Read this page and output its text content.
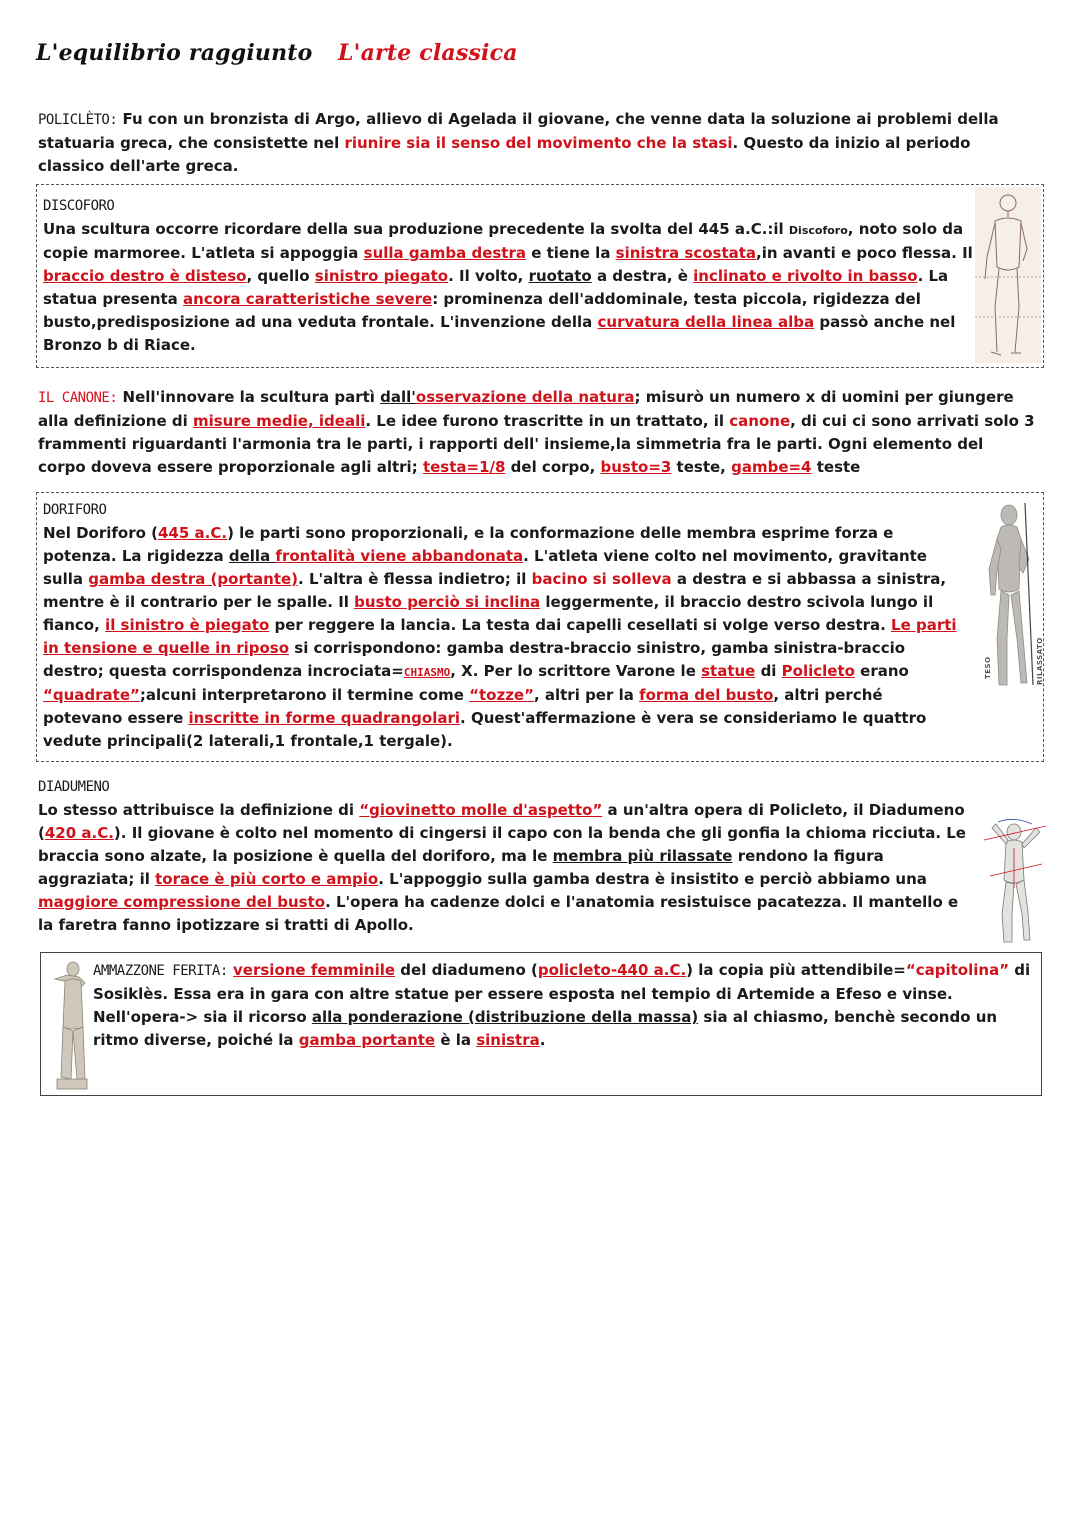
L'equilibrio raggiunto L'arte classica

POLICLÈTO: Fu con un bronzista di Argo, allievo di Agelada il giovane, che venne data la soluzione ai problemi della statuaria greca, che consistette nel riunire sia il senso del movimento che la stasi. Questo da inizio al periodo classico dell'arte greca.

DISCOFORO
Una scultura occorre ricordare della sua produzione precedente la svolta del 445 a.C.:il Discoforo, noto solo da copie marmoree. L'atleta si appoggia sulla gamba destra e tiene la sinistra scostata,in avanti e poco flessa. Il braccio destro è disteso, quello sinistro piegato. Il volto, ruotato a destra, è inclinato e rivolto in basso. La statua presenta ancora caratteristiche severe: prominenza dell'addominale, testa piccola, rigidezza del busto,predisposizione ad una veduta frontale. L'invenzione della curvatura della linea alba passò anche nel Bronzo b di Riace.

IL CANONE: Nell'innovare la scultura partì dall'osservazione della natura; misurò un numero x di uomini per giungere alla definizione di misure medie, ideali. Le idee furono trascritte in un trattato, il canone, di cui ci sono arrivati solo 3 frammenti riguardanti l'armonia tra le parti, i rapporti dell' insieme,la simmetria fra le parti. Ogni elemento del corpo doveva essere proporzionale agli altri; testa=1/8 del corpo, busto=3 teste, gambe=4 teste

DORIFORO
Nel Doriforo (445 a.C.) le parti sono proporzionali, e la conformazione delle membra esprime forza e potenza. La rigidezza della frontalità viene abbandonata. L'atleta viene colto nel movimento, gravitante sulla gamba destra (portante). L'altra è flessa indietro; il bacino si solleva a destra e si abbassa a sinistra, mentre è il contrario per le spalle. Il busto perciò si inclina leggermente, il braccio destro scivola lungo il fianco, il sinistro è piegato per reggere la lancia. La testa dai capelli cesellati si volge verso destra. Le parti in tensione e quelle in riposo si corrispondono: gamba destra-braccio sinistro, gamba sinistra-braccio destro; questa corrispondenza incrociata=CHIASMO, X. Per lo scrittore Varone le statue di Policleto erano “quadrate”;alcuni interpretarono il termine come “tozze”, altri per la forma del busto, altri perché potevano essere inscritte in forme quadrangolari. Quest'affermazione è vera se consideriamo le quattro vedute principali(2 laterali,1 frontale,1 tergale).
TESO	RILASSATO
DIADUMENO

Lo stesso attribuisce la definizione di “giovinetto molle d'aspetto” a un'altra opera di Policleto, il Diadumeno (420 a.C.). Il giovane è colto nel momento di cingersi il capo con la benda che gli gonfia la chioma ricciuta. Le braccia sono alzate, la posizione è quella del doriforo, ma le membra più rilassate rendono la figura aggraziata; il torace è più corto e ampio. L'appoggio sulla gamba destra è insistito e perciò abbiamo una maggiore compressione del busto. L'opera ha cadenze dolci e l'anatomia resistuisce pacatezza. Il mantello e la faretra fanno ipotizzare si tratti di Apollo.

AMMAZZONE FERITA: versione femminile del diadumeno (policleto-440 a.C.) la copia più attendibile=“capitolina” di Sosiklès. Essa era in gara con altre statue per essere esposta nel tempio di Artemide a Efeso e vinse. Nell'opera-> sia il ricorso alla ponderazione (distribuzione della massa) sia al chiasmo, benchè secondo un ritmo diverse, poiché la gamba portante è la sinistra.
